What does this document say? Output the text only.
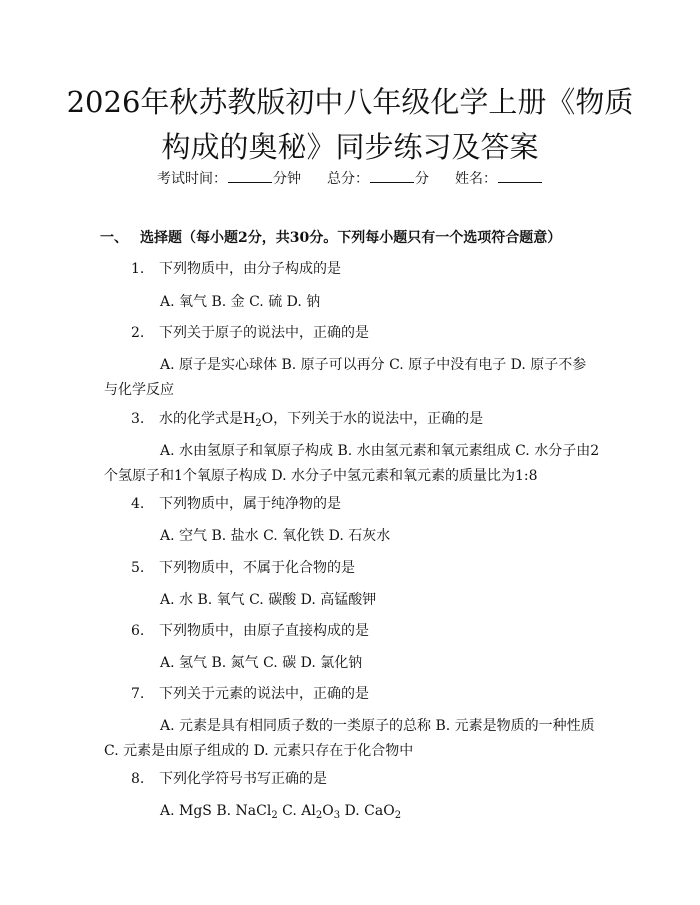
2026年秋苏教版初中八年级化学上册《物质
构成的奥秘》同步练习及答案
考试时间：	分钟 总分：	分 姓名：
一、 选择题（每小题2分，共30分。下列每小题只有一个选项符合题意）
1. 下列物质中，由分子构成的是
A. 氧气 B. 金 C. 硫 D. 钠
2. 下列关于原子的说法中，正确的是
A. 原子是实心球体 B. 原子可以再分 C. 原子中没有电子 D. 原子不参与化学反应
3. 水的化学式是$H_2O$，下列关于水的说法中，正确的是
A. 水由氢原子和氧原子构成 B. 水由氢元素和氧元素组成 C. 水分子由2个氢原子和1个氧原子构成 D. 水分子中氢元素和氧元素的质量比为1:8
4. 下列物质中，属于纯净物的是
A. 空气 B. 盐水 C. 氧化铁 D. 石灰水
5. 下列物质中，不属于化合物的是
A. 水 B. 氧气 C. 碳酸 D. 高锰酸钾
6. 下列物质中，由原子直接构成的是
A. 氢气 B. 氮气 C. 碳 D. 氯化钠
7. 下列关于元素的说法中，正确的是
A. 元素是具有相同质子数的一类原子的总称 B. 元素是物质的一种性质 C. 元素是由原子组成的 D. 元素只存在于化合物中
8. 下列化学符号书写正确的是
A. MgS B. NaCl$_2$ C. $Al_2O_3$ D. CaO$_2$
